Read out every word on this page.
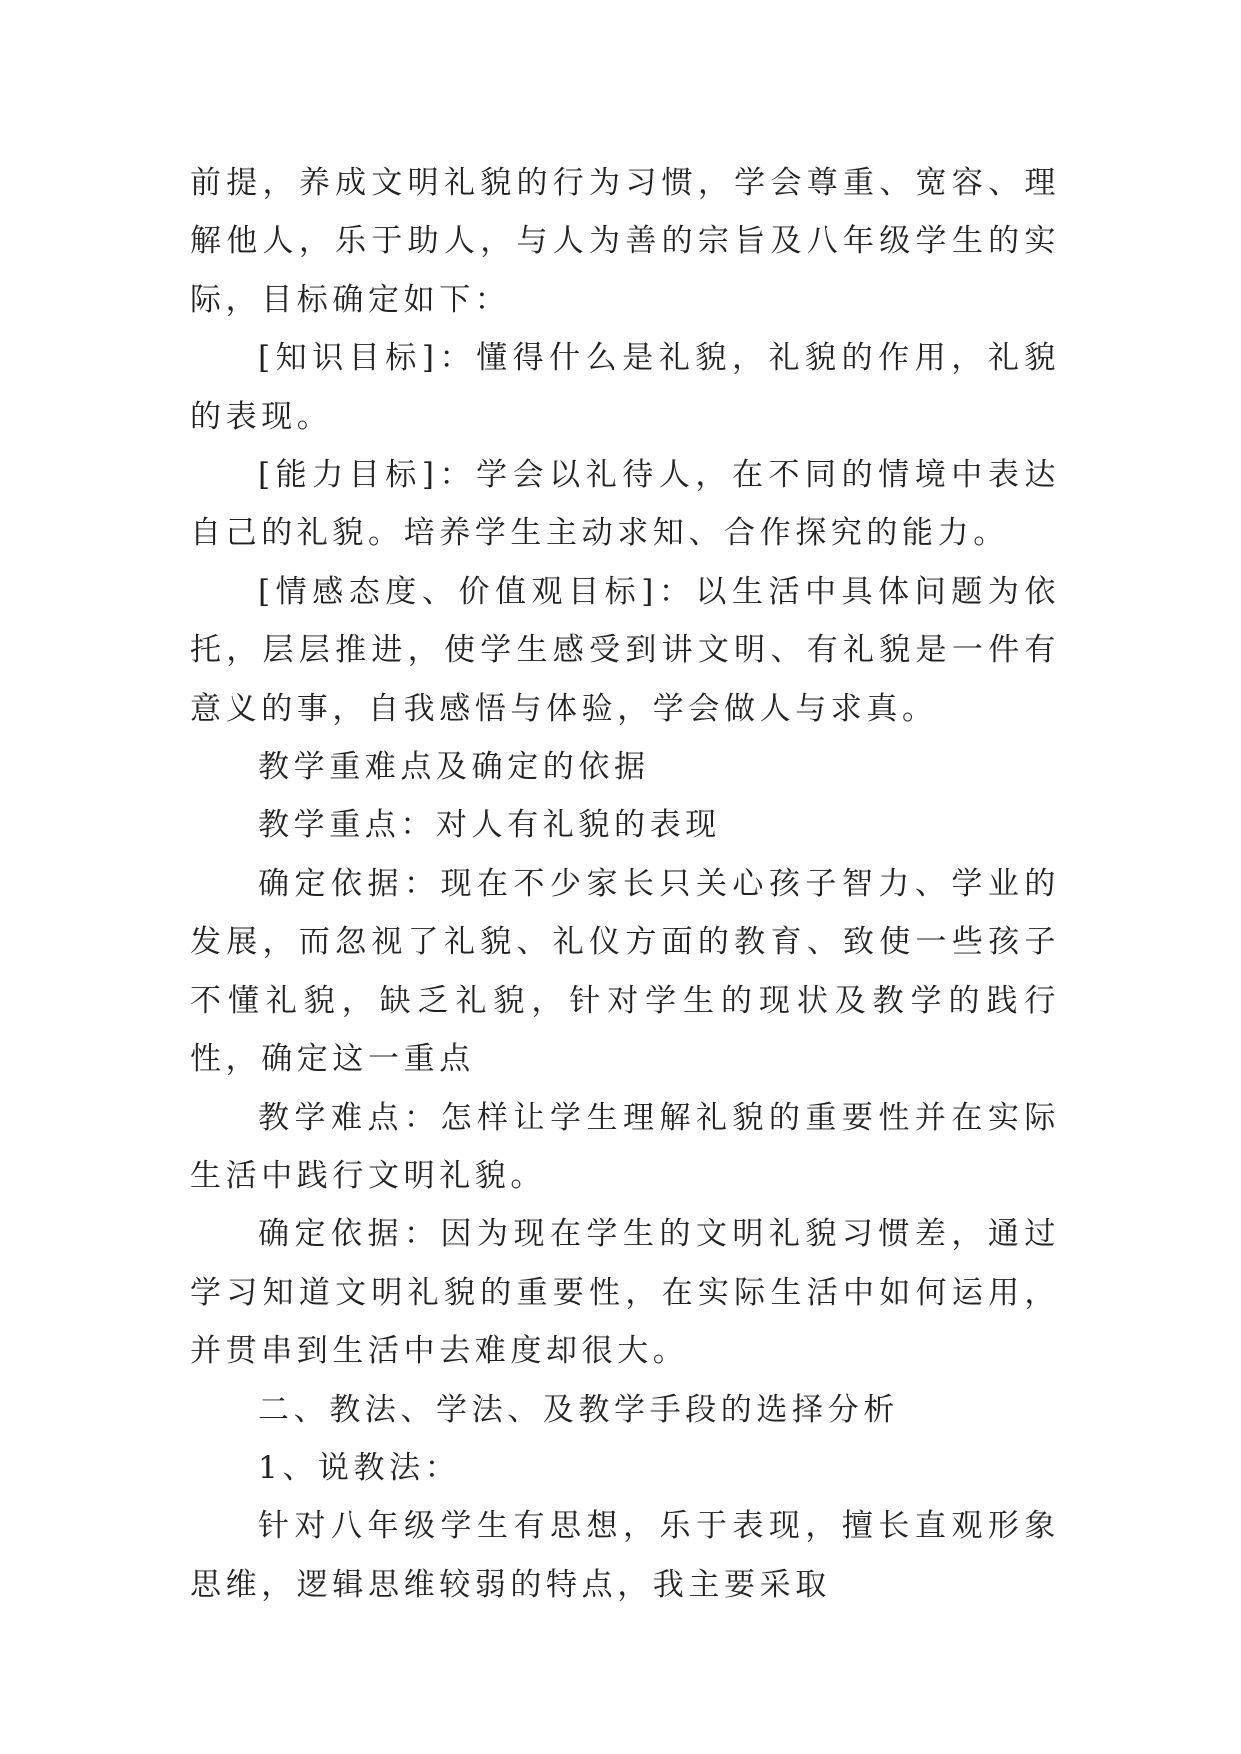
前提，养成文明礼貌的行为习惯，学会尊重、宽容、理解他人，乐于助人，与人为善的宗旨及八年级学生的实际，目标确定如下：

[知识目标]：懂得什么是礼貌，礼貌的作用，礼貌的表现。

[能力目标]：学会以礼待人，在不同的情境中表达自己的礼貌。培养学生主动求知、合作探究的能力。

[情感态度、价值观目标]：以生活中具体问题为依托，层层推进，使学生感受到讲文明、有礼貌是一件有意义的事，自我感悟与体验，学会做人与求真。

教学重难点及确定的依据

教学重点：对人有礼貌的表现

确定依据：现在不少家长只关心孩子智力、学业的发展，而忽视了礼貌、礼仪方面的教育、致使一些孩子不懂礼貌，缺乏礼貌，针对学生的现状及教学的践行性，确定这一重点

教学难点：怎样让学生理解礼貌的重要性并在实际生活中践行文明礼貌。

确定依据：因为现在学生的文明礼貌习惯差，通过学习知道文明礼貌的重要性，在实际生活中如何运用，并贯串到生活中去难度却很大。

二、教法、学法、及教学手段的选择分析

1、说教法：

针对八年级学生有思想，乐于表现，擅长直观形象思维，逻辑思维较弱的特点，我主要采取
